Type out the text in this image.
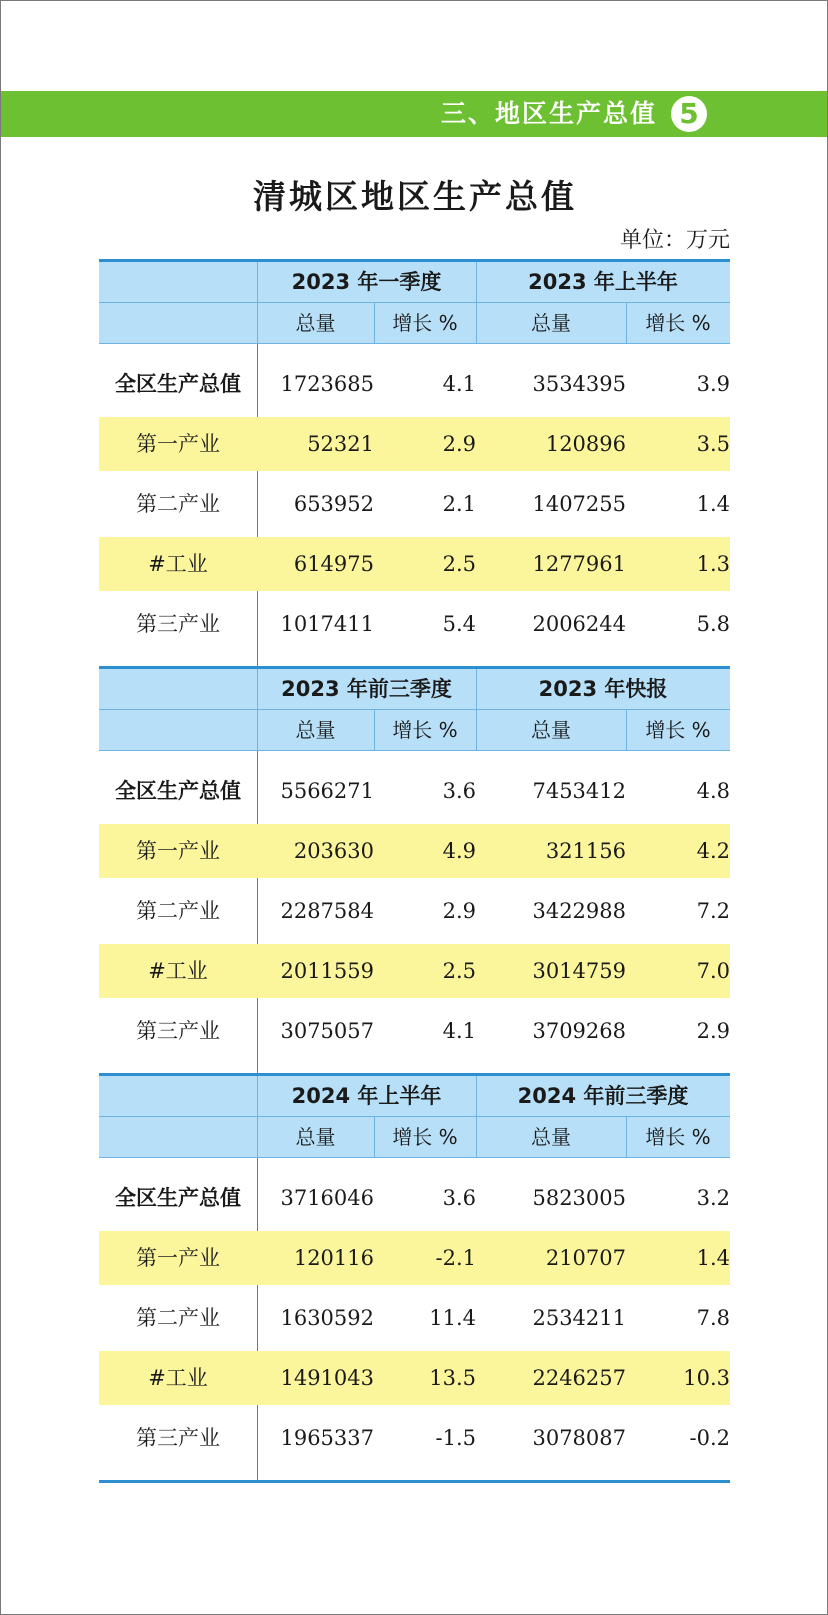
三、地区生产总值 5
清城区地区生产总值
单位：万元
2023 年一季度	2023 年上半年
总量	增长 %	总量	增长 %
全区生产总值	1723685	4.1	3534395	3.9
第一产业	52321	2.9	120896	3.5
第二产业	653952	2.1	1407255	1.4
#工业	614975	2.5	1277961	1.3
第三产业	1017411	5.4	2006244	5.8
2023 年前三季度	2023 年快报
总量	增长 %	总量	增长 %
全区生产总值	5566271	3.6	7453412	4.8
第一产业	203630	4.9	321156	4.2
第二产业	2287584	2.9	3422988	7.2
#工业	2011559	2.5	3014759	7.0
第三产业	3075057	4.1	3709268	2.9
2024 年上半年	2024 年前三季度
总量	增长 %	总量	增长 %
全区生产总值	3716046	3.6	5823005	3.2
第一产业	120116	-2.1	210707	1.4
第二产业	1630592	11.4	2534211	7.8
#工业	1491043	13.5	2246257	10.3
第三产业	1965337	-1.5	3078087	-0.2
